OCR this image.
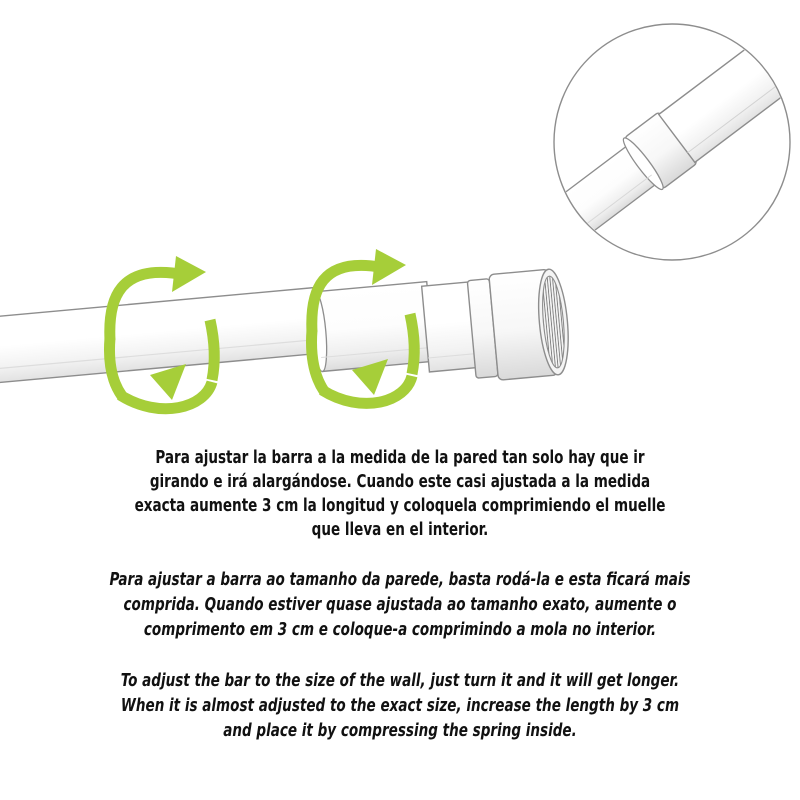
Para ajustar la barra a la medida de la pared tan solo hay que ir girando e irá alargándose. Cuando este casi ajustada a la medida exacta aumente 3 cm la longitud y coloquela comprimiendo el muelle que lleva en el interior.
Para ajustar a barra ao tamanho da parede, basta rodá-la e esta ficará mais comprida. Quando estiver quase ajustada ao tamanho exato, aumente o comprimento em 3 cm e coloque-a comprimindo a mola no interior.
To adjust the bar to the size of the wall, just turn it and it will get longer. When it is almost adjusted to the exact size, increase the length by 3 cm and place it by compressing the spring inside.
